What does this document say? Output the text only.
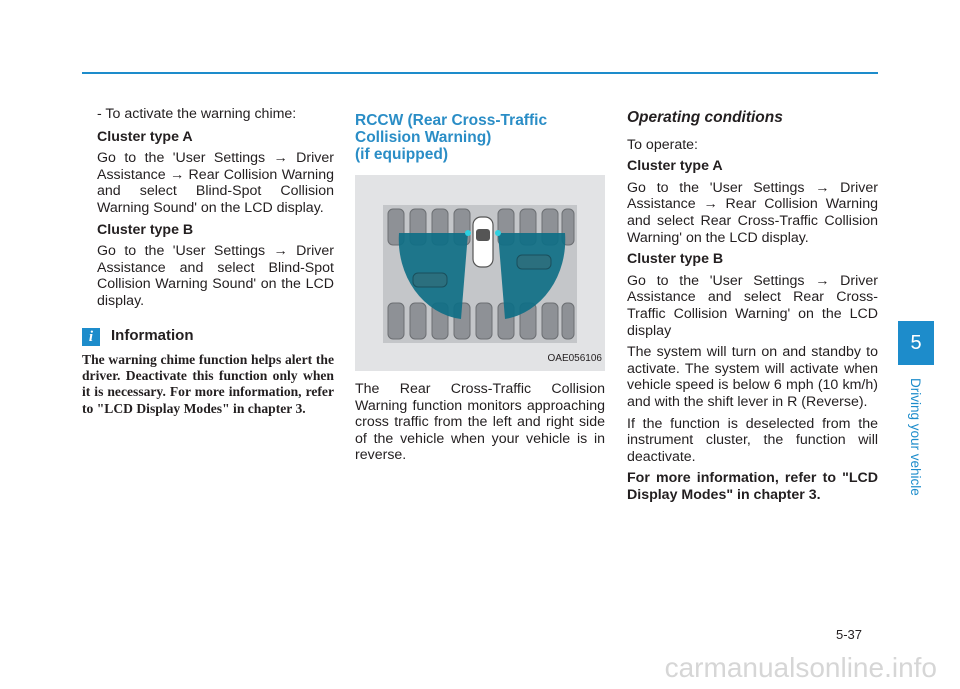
- To activate the warning chime:

Cluster type A

Go to the 'User Settings → Driver Assistance → Rear Collision Warning and select Blind-Spot Collision Warning Sound' on the LCD display.

Cluster type B

Go to the 'User Settings → Driver Assistance and select Blind-Spot Collision Warning Sound' on the LCD display.

i	Information
The warning chime function helps alert the driver. Deactivate this function only when it is necessary. For more information, refer to "LCD Display Modes" in chapter 3.
RCCW (Rear Cross-Traffic
Collision Warning)
(if equipped)
OAE056106

The Rear Cross-Traffic Collision Warning function monitors approaching cross traffic from the left and right side of the vehicle when your vehicle is in reverse.

Operating conditions

To operate:

Cluster type A

Go to the 'User Settings → Driver Assistance → Rear Collision Warning and select Rear Cross-Traffic Collision Warning' on the LCD display.

Cluster type B

Go to the 'User Settings → Driver Assistance and select Rear Cross-Traffic Collision Warning' on the LCD display

The system will turn on and standby to activate. The system will activate when vehicle speed is below 6 mph (10 km/h) and with the shift lever in R (Reverse).

If the function is deselected from the instrument cluster, the function will deactivate.

For more information, refer to "LCD Display Modes" in chapter 3.

5
Driving your vehicle
5-37
carmanualsonline.info
